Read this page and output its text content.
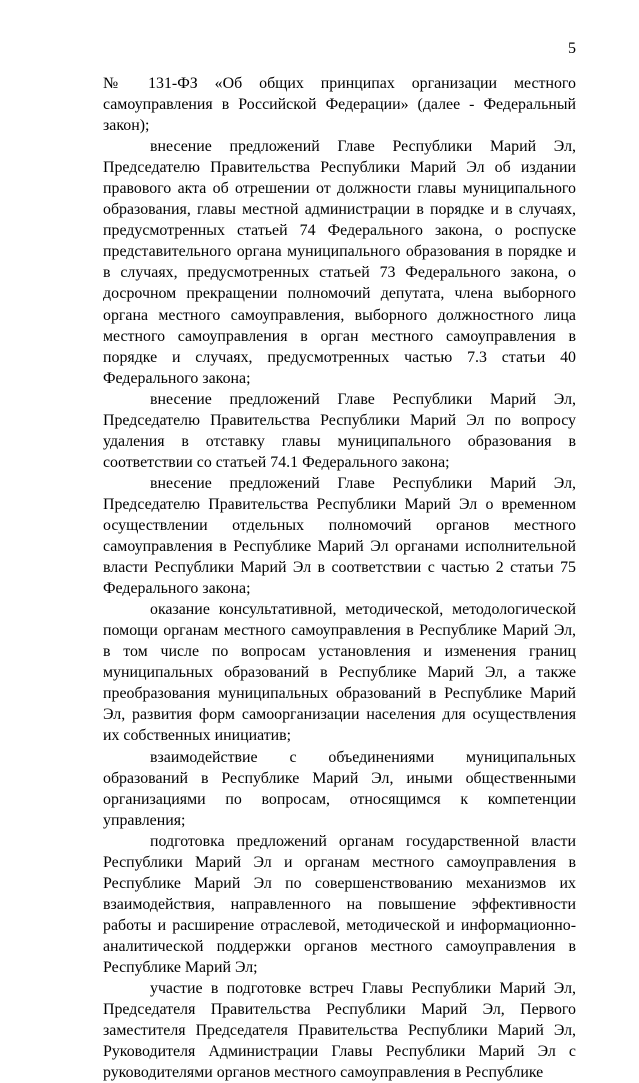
5

№ 131-ФЗ «Об общих принципах организации местного самоуправления в Российской Федерации» (далее - Федеральный закон);

внесение предложений Главе Республики Марий Эл, Председателю Правительства Республики Марий Эл об издании правового акта об отрешении от должности главы муниципального образования, главы местной администрации в порядке и в случаях, предусмотренных статьей 74 Федерального закона, о роспуске представительного органа муниципального образования в порядке и в случаях, предусмотренных статьей 73 Федерального закона, о досрочном прекращении полномочий депутата, члена выборного органа местного самоуправления, выборного должностного лица местного самоуправления в орган местного самоуправления в порядке и случаях, предусмотренных частью 7.3 статьи 40 Федерального закона;

внесение предложений Главе Республики Марий Эл, Председателю Правительства Республики Марий Эл по вопросу удаления в отставку главы муниципального образования в соответствии со статьей 74.1 Федерального закона;

внесение предложений Главе Республики Марий Эл, Председателю Правительства Республики Марий Эл о временном осуществлении отдельных полномочий органов местного самоуправления в Республике Марий Эл органами исполнительной власти Республики Марий Эл в соответствии с частью 2 статьи 75 Федерального закона;

оказание консультативной, методической, методологической помощи органам местного самоуправления в Республике Марий Эл, в том числе по вопросам установления и изменения границ муниципальных образований в Республике Марий Эл, а также преобразования муниципальных образований в Республике Марий Эл, развития форм самоорганизации населения для осуществления их собственных инициатив;

взаимодействие с объединениями муниципальных образований в Республике Марий Эл, иными общественными организациями по вопросам, относящимся к компетенции управления;

подготовка предложений органам государственной власти Республики Марий Эл и органам местного самоуправления в Республике Марий Эл по совершенствованию механизмов их взаимодействия, направленного на повышение эффективности работы и расширение отраслевой, методической и информационно-аналитической поддержки органов местного самоуправления в Республике Марий Эл;

участие в подготовке встреч Главы Республики Марий Эл, Председателя Правительства Республики Марий Эл, Первого заместителя Председателя Правительства Республики Марий Эл, Руководителя Администрации Главы Республики Марий Эл с руководителями органов местного самоуправления в Республике
